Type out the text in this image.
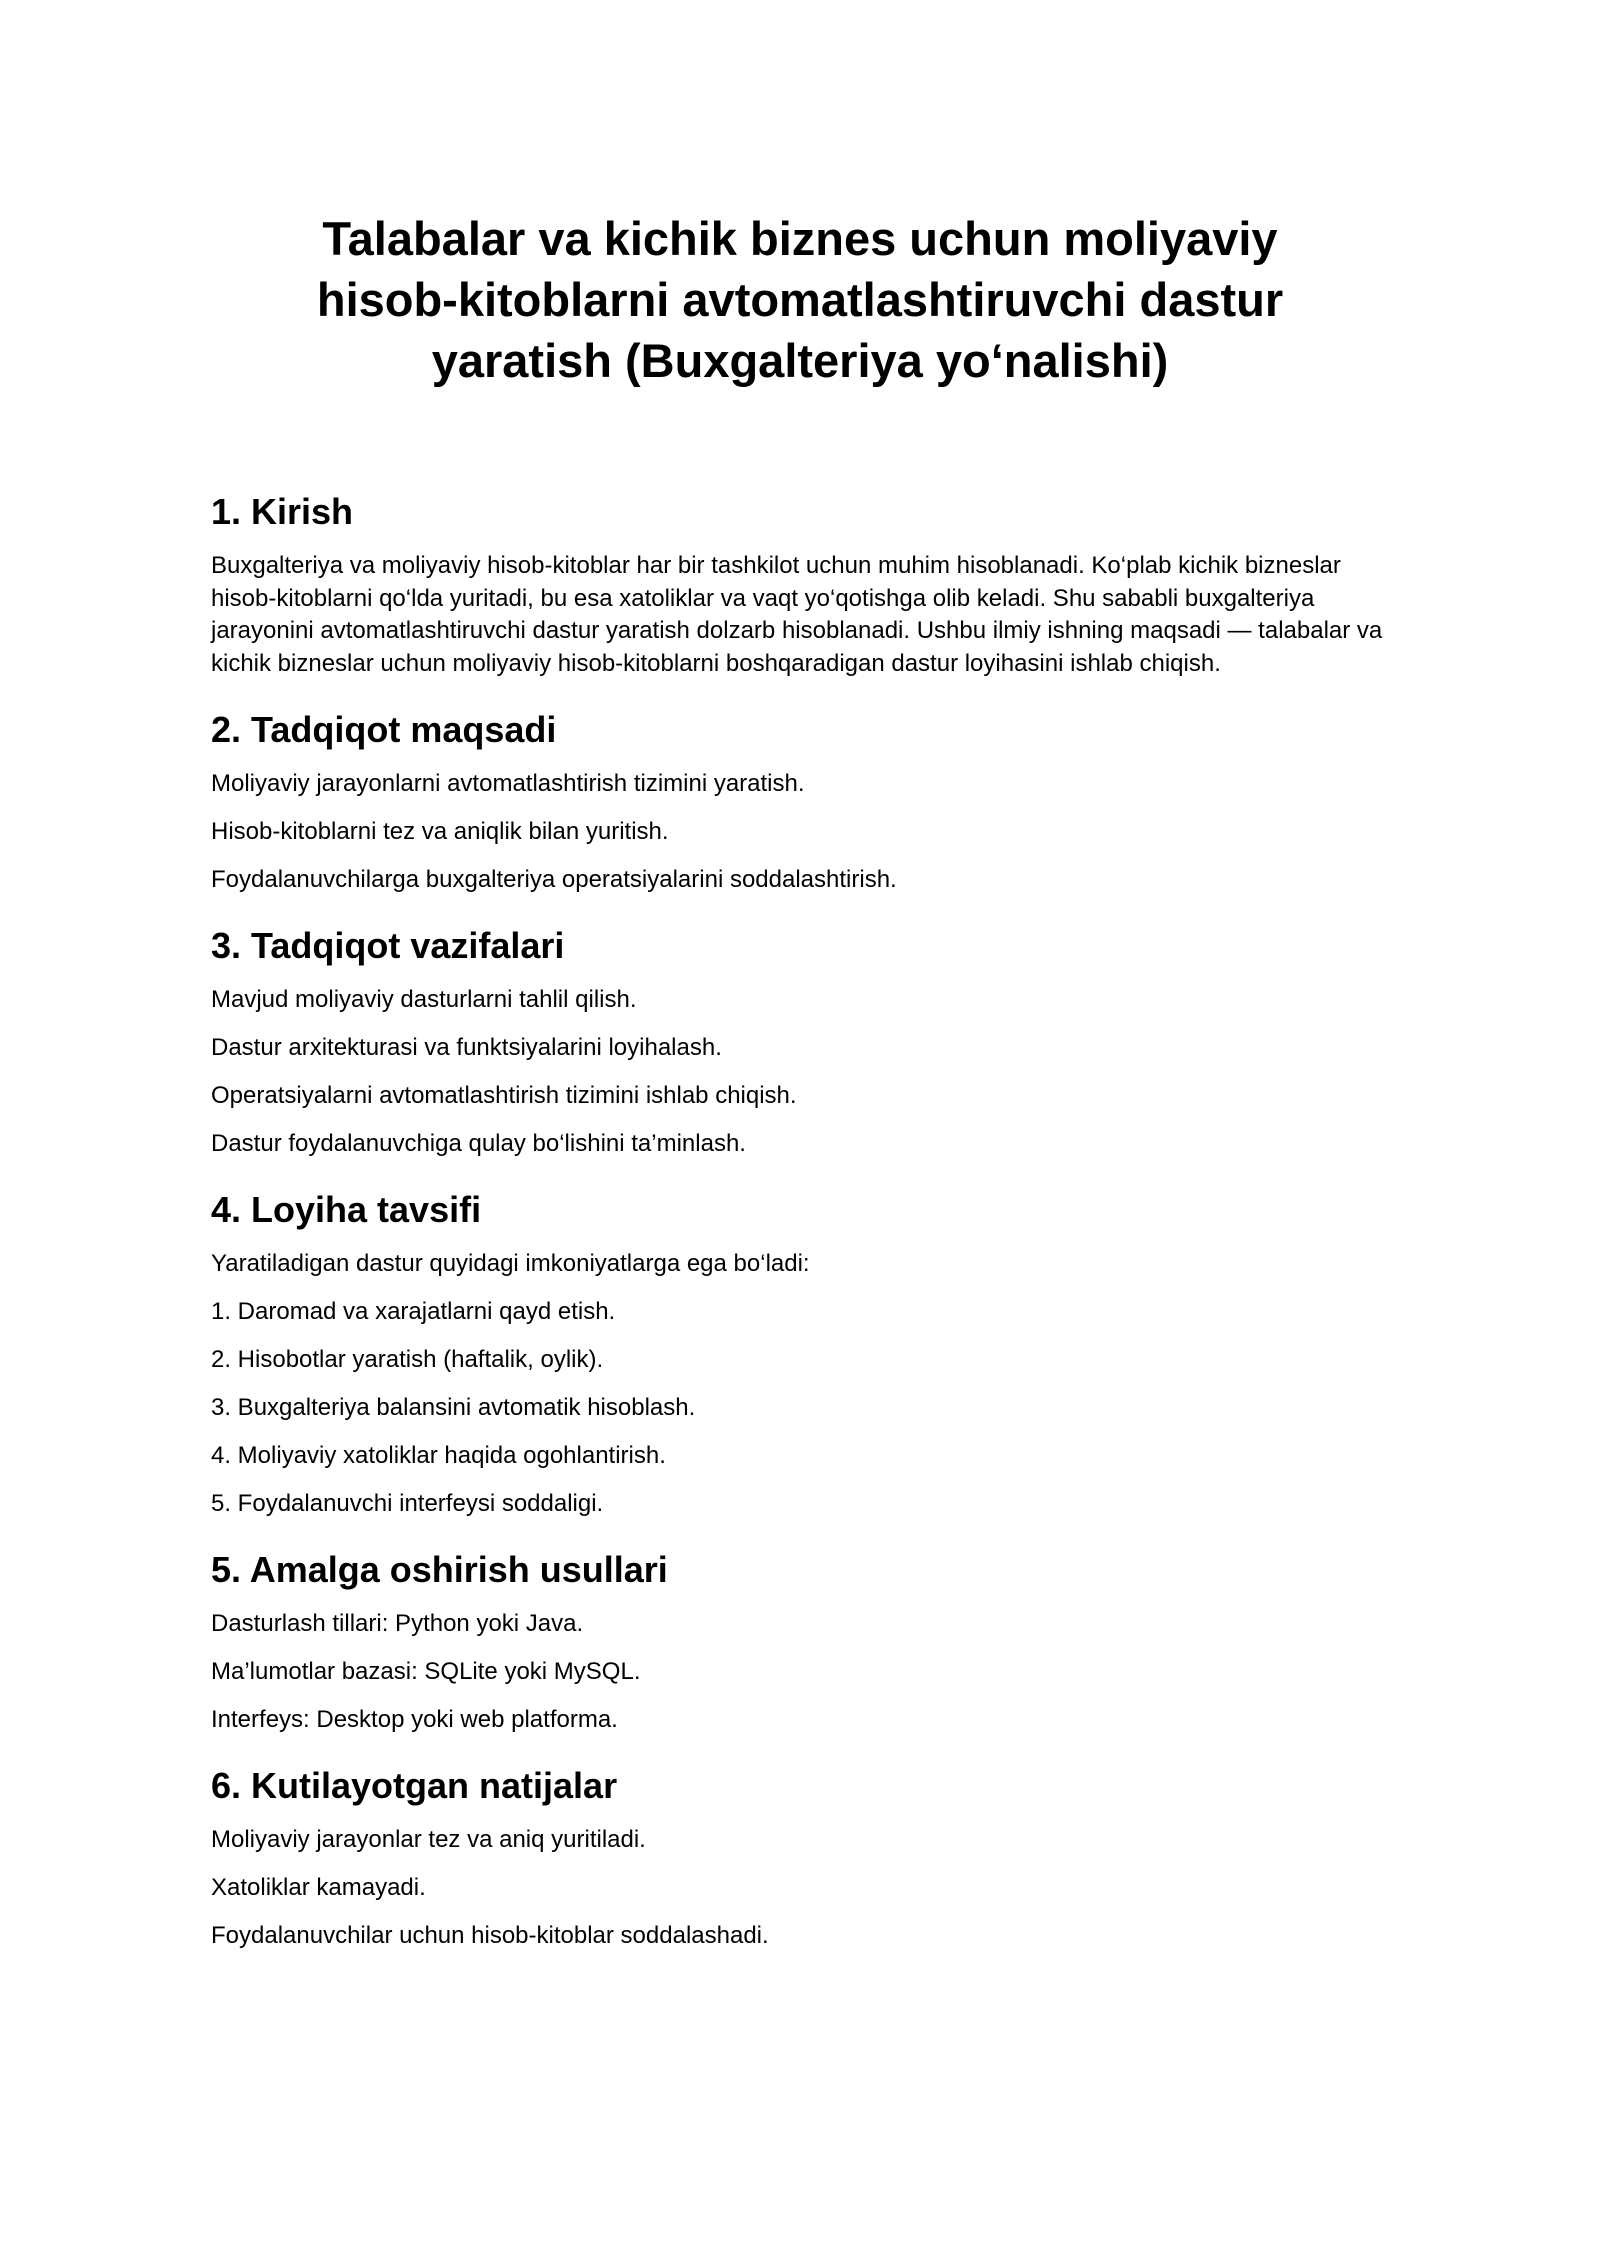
Talabalar va kichik biznes uchun moliyaviy
hisob-kitoblarni avtomatlashtiruvchi dastur
yaratish (Buxgalteriya yo‘nalishi)
1. Kirish

Buxgalteriya va moliyaviy hisob-kitoblar har bir tashkilot uchun muhim hisoblanadi. Ko‘plab kichik bizneslar hisob-kitoblarni qo‘lda yuritadi, bu esa xatoliklar va vaqt yo‘qotishga olib keladi. Shu sababli buxgalteriya jarayonini avtomatlashtiruvchi dastur yaratish dolzarb hisoblanadi. Ushbu ilmiy ishning maqsadi — talabalar va kichik bizneslar uchun moliyaviy hisob-kitoblarni boshqaradigan dastur loyihasini ishlab chiqish.

2. Tadqiqot maqsadi

Moliyaviy jarayonlarni avtomatlashtirish tizimini yaratish.

Hisob-kitoblarni tez va aniqlik bilan yuritish.

Foydalanuvchilarga buxgalteriya operatsiyalarini soddalashtirish.

3. Tadqiqot vazifalari

Mavjud moliyaviy dasturlarni tahlil qilish.

Dastur arxitekturasi va funktsiyalarini loyihalash.

Operatsiyalarni avtomatlashtirish tizimini ishlab chiqish.

Dastur foydalanuvchiga qulay bo‘lishini ta’minlash.

4. Loyiha tavsifi

Yaratiladigan dastur quyidagi imkoniyatlarga ega bo‘ladi:

1. Daromad va xarajatlarni qayd etish.

2. Hisobotlar yaratish (haftalik, oylik).

3. Buxgalteriya balansini avtomatik hisoblash.

4. Moliyaviy xatoliklar haqida ogohlantirish.

5. Foydalanuvchi interfeysi soddaligi.

5. Amalga oshirish usullari

Dasturlash tillari: Python yoki Java.

Ma’lumotlar bazasi: SQLite yoki MySQL.

Interfeys: Desktop yoki web platforma.

6. Kutilayotgan natijalar

Moliyaviy jarayonlar tez va aniq yuritiladi.

Xatoliklar kamayadi.

Foydalanuvchilar uchun hisob-kitoblar soddalashadi.
